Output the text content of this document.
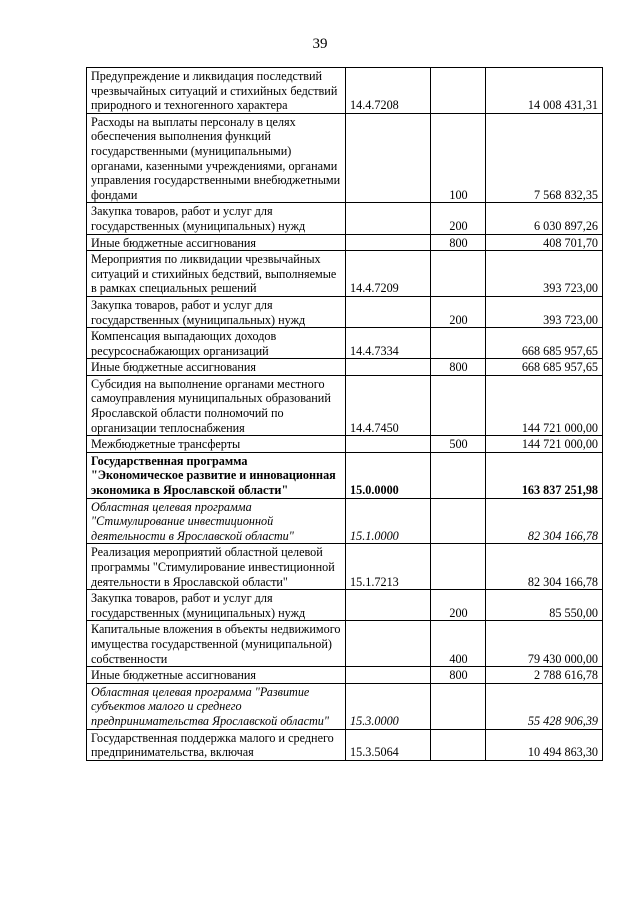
39
Предупреждение и ликвидация последствий чрезвычайных ситуаций и стихийных бедствий природного и техногенного характера	14.4.7208		14 008 431,31
Расходы на выплаты персоналу в целях обеспечения выполнения функций государственными (муниципальными) органами, казенными учреждениями, органами управления государственными внебюджетными фондами		100	7 568 832,35
Закупка товаров, работ и услуг для государственных (муниципальных) нужд		200	6 030 897,26
Иные бюджетные ассигнования		800	408 701,70
Мероприятия по ликвидации чрезвычайных ситуаций и стихийных бедствий, выполняемые в рамках специальных решений	14.4.7209		393 723,00
Закупка товаров, работ и услуг для государственных (муниципальных) нужд		200	393 723,00
Компенсация выпадающих доходов ресурсоснабжающих организаций	14.4.7334		668 685 957,65
Иные бюджетные ассигнования		800	668 685 957,65
Субсидия на выполнение органами местного самоуправления муниципальных образований Ярославской области полномочий по организации теплоснабжения	14.4.7450		144 721 000,00
Межбюджетные трансферты		500	144 721 000,00
Государственная программа "Экономическое развитие и инновационная экономика в Ярославской области"	15.0.0000		163 837 251,98
Областная целевая программа "Стимулирование инвестиционной деятельности в Ярославской области"	15.1.0000		82 304 166,78
Реализация мероприятий областной целевой программы "Стимулирование инвестиционной деятельности в Ярославской области"	15.1.7213		82 304 166,78
Закупка товаров, работ и услуг для государственных (муниципальных) нужд		200	85 550,00
Капитальные вложения в объекты недвижимого имущества государственной (муниципальной) собственности		400	79 430 000,00
Иные бюджетные ассигнования		800	2 788 616,78
Областная целевая программа "Развитие субъектов малого и среднего предпринимательства Ярославской области"	15.3.0000		55 428 906,39
Государственная поддержка малого и среднего предпринимательства, включая	15.3.5064		10 494 863,30
